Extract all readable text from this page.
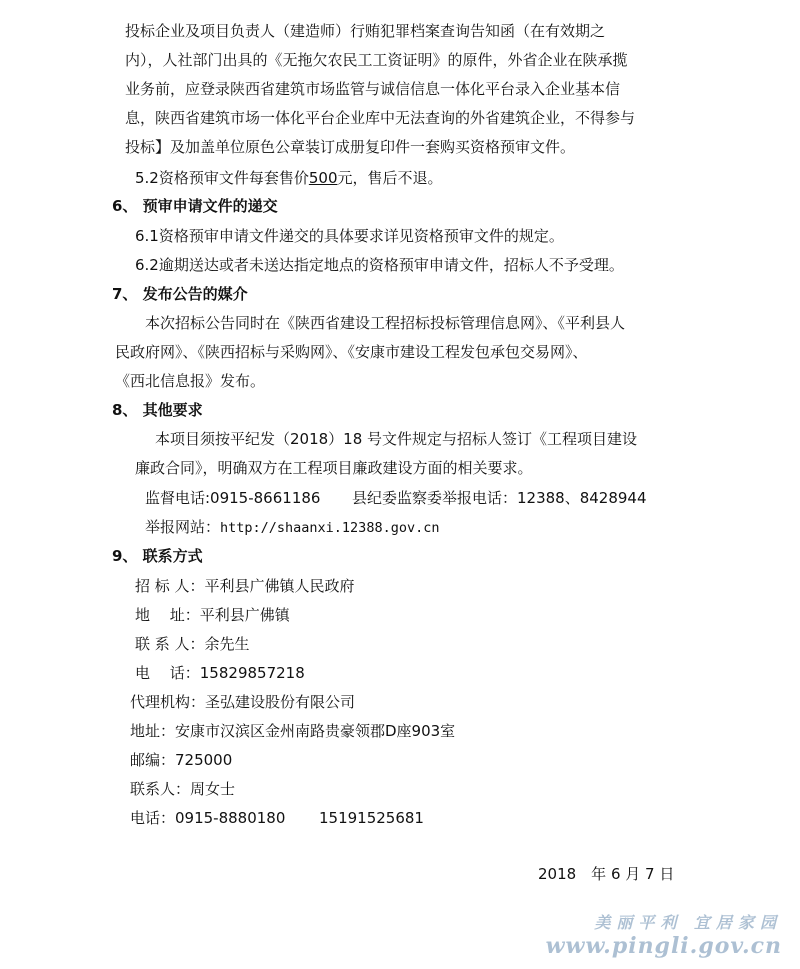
投标企业及项目负责人（建造师）行贿犯罪档案查询告知函（在有效期之
内），人社部门出具的《无拖欠农民工工资证明》的原件，外省企业在陕承揽
业务前，应登录陕西省建筑市场监管与诚信信息一体化平台录入企业基本信
息，陕西省建筑市场一体化平台企业库中无法查询的外省建筑企业，不得参与
投标】及加盖单位原色公章装订成册复印件一套购买资格预审文件。
5.2资格预审文件每套售价500元，售后不退。
6、 预审申请文件的递交
6.1资格预审申请文件递交的具体要求详见资格预审文件的规定。
6.2逾期送达或者未送达指定地点的资格预审申请文件，招标人不予受理。
7、 发布公告的媒介
本次招标公告同时在《陕西省建设工程招标投标管理信息网》、《平利县人
民政府网》、《陕西招标与采购网》、《安康市建设工程发包承包交易网》、
《西北信息报》发布。
8、 其他要求
本项目须按平纪发（2018）18 号文件规定与招标人签订《工程项目建设
廉政合同》，明确双方在工程项目廉政建设方面的相关要求。
监督电话:0915-8661186 县纪委监察委举报电话：12388、8428944
举报网站：http://shaanxi.12388.gov.cn
9、 联系方式
招 标 人：平利县广佛镇人民政府
地　 址：平利县广佛镇
联 系 人：余先生
电　 话：15829857218
代理机构：圣弘建设股份有限公司
地址：安康市汉滨区金州南路贵豪领郡D座903室
邮编：725000
联系人：周女士
电话：0915-8880180 15191525681
2018　年 6 月 7 日
美丽平利 宜居家园
www.pingli.gov.cn
